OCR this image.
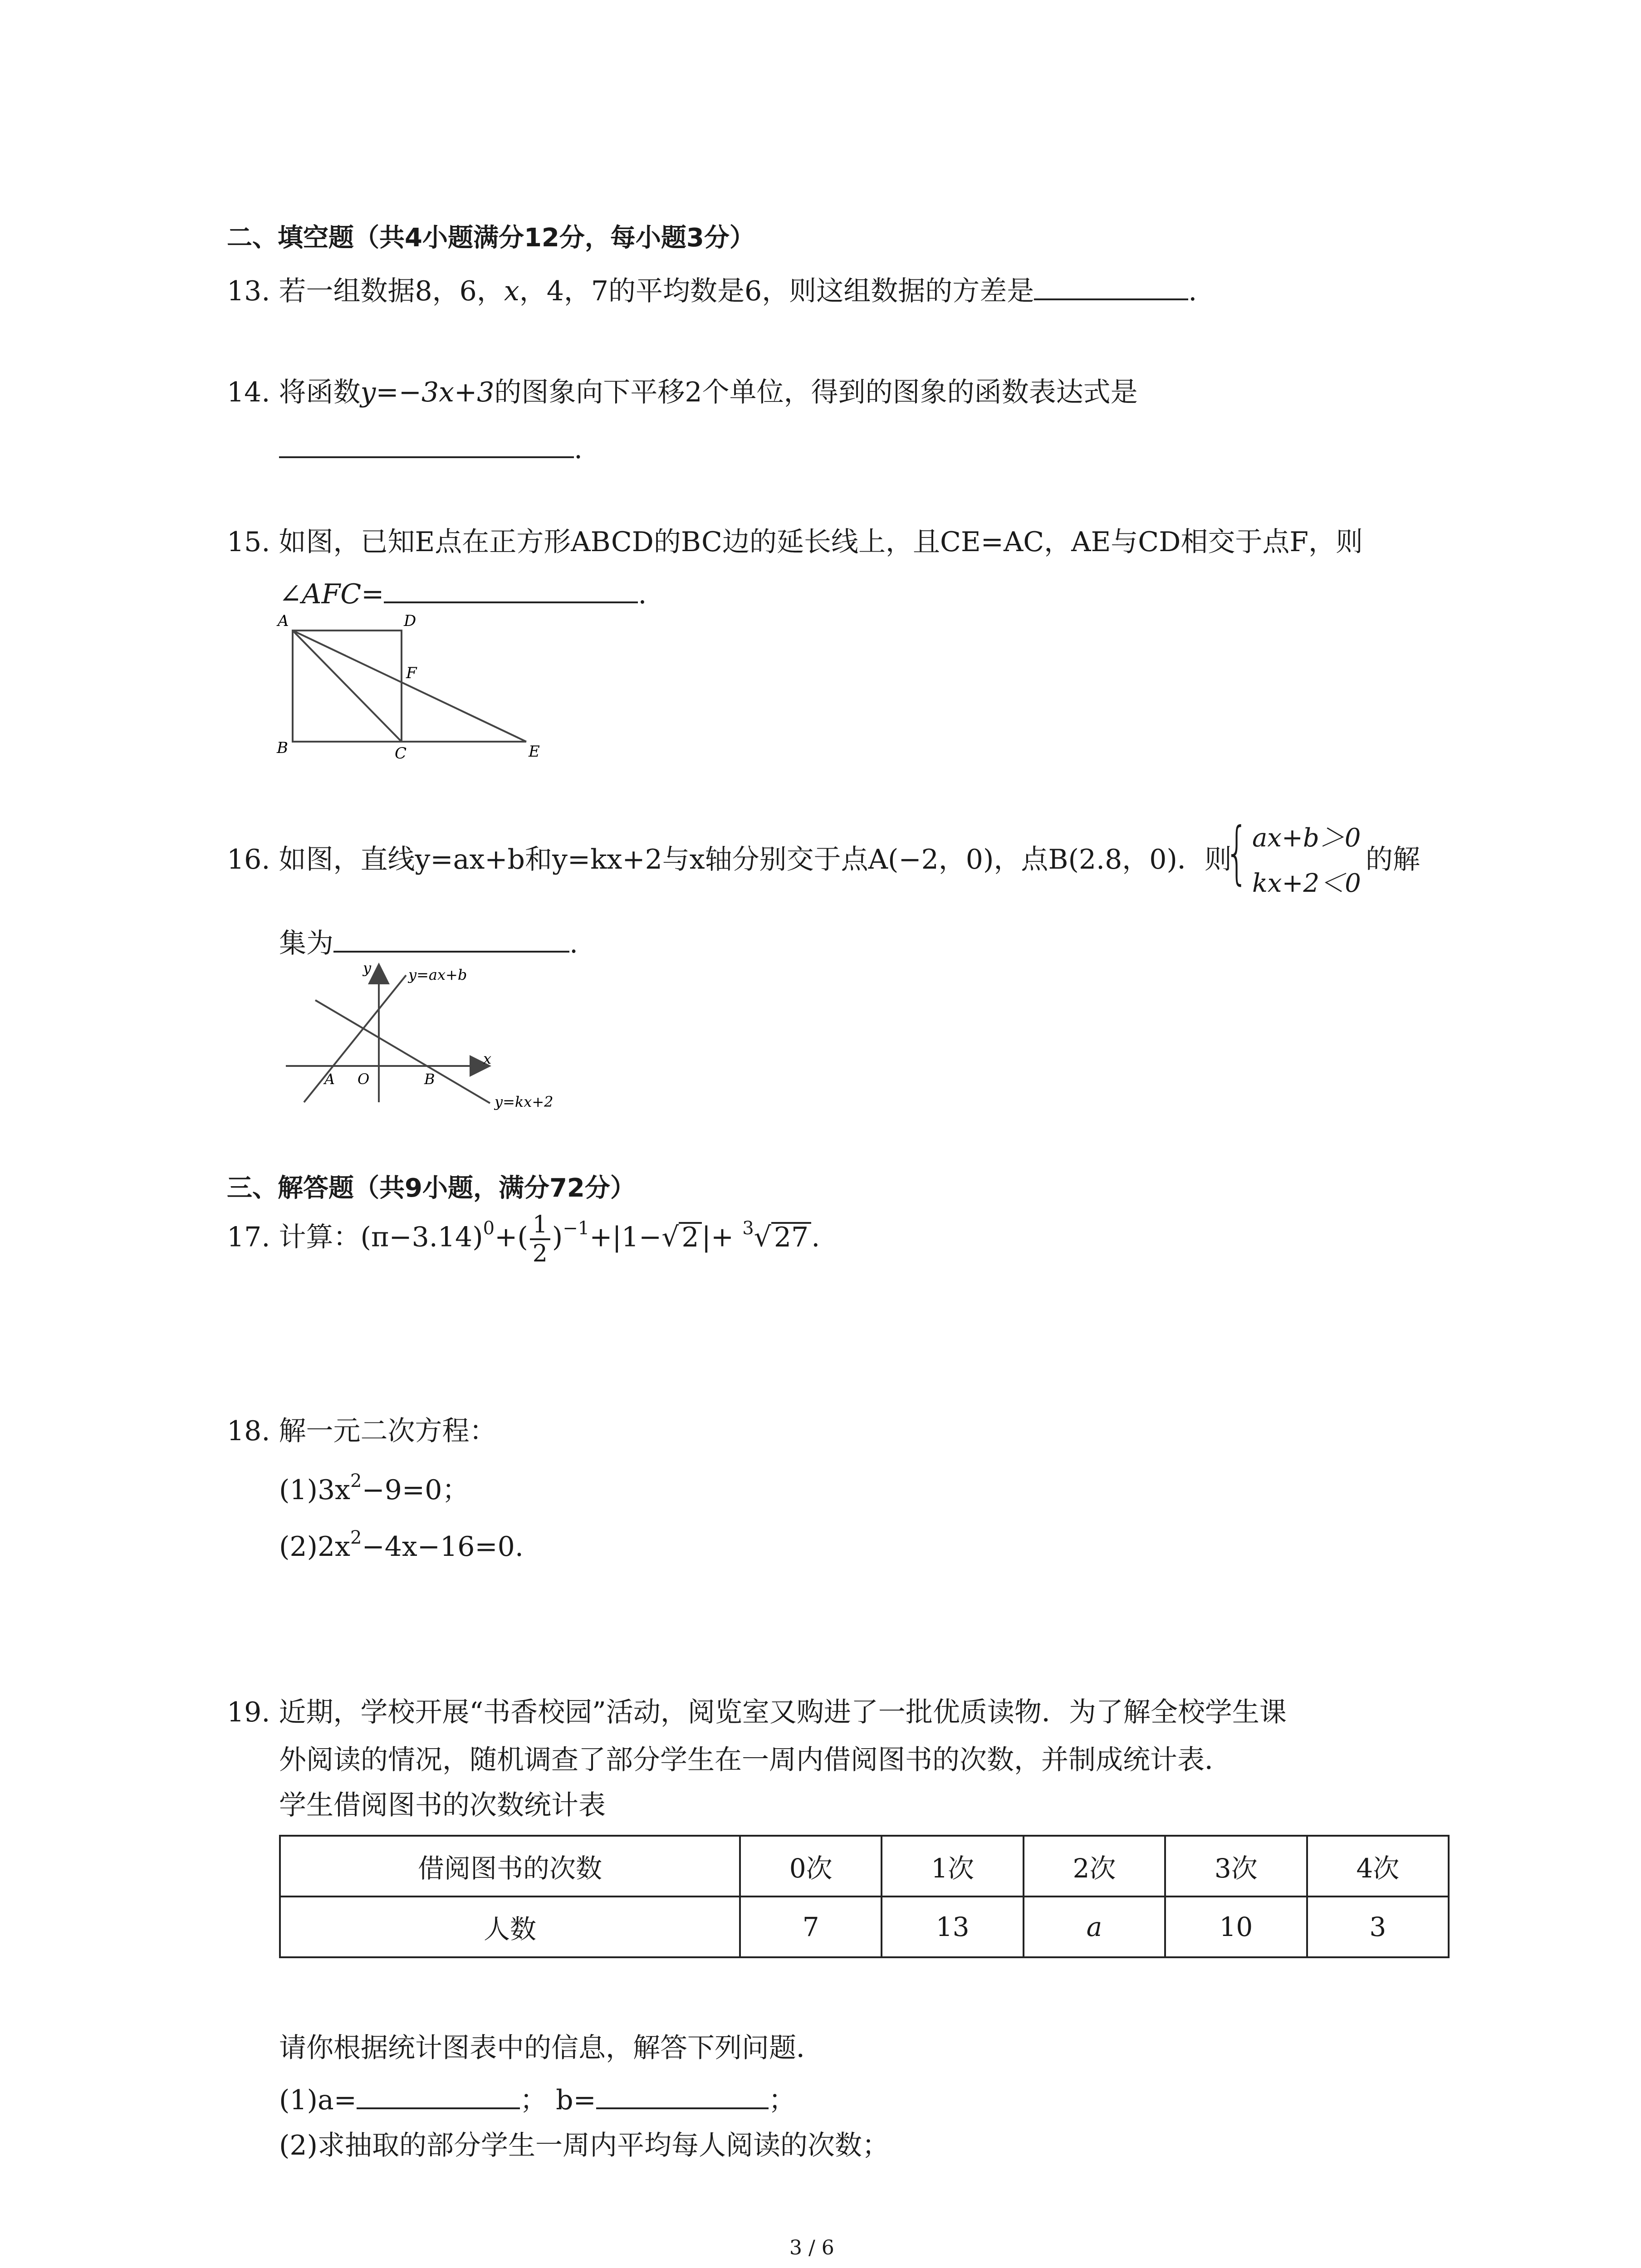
二、填空题（共4小题满分12分，每小题3分）
13. 若一组数据8，6，x，4，7的平均数是6，则这组数据的方差是	.
14. 将函数y=−3x+3的图象向下平移2个单位，得到的图象的函数表达式是
.
15. 如图，已知E点在正方形ABCD的BC边的延长线上，且CE=AC，AE与CD相交于点F，则
∠AFC=	.
A	D
F
B	C	E
16. 如图，直线y=ax+b和y=kx+2与x轴分别交于点A(−2，0)，点B(2.8，0)．则
{ ax+b＞0
kx+2＜0
的解
集为	.
y
x
y=ax+b
A O	B
y=kx+2
三、解答题（共9小题，满分72分）
17. 计算：$(\pi-3.14)^0+( \frac{1}{2} )^{-1}+|1-√$ 2 |+ $^3$√ 27 .
18. 解一元二次方程：
$(1)3x^2-9=0$；
$(2)2x^2-4x-16=0$.
19. 近期，学校开展“书香校园”活动，阅览室又购进了一批优质读物．为了解全校学生课
外阅读的情况，随机调查了部分学生在一周内借阅图书的次数，并制成统计表．
学生借阅图书的次数统计表
借阅图书的次数	0次	1次	2次	3次	4次
人数	7	13	a	10	3
请你根据统计图表中的信息，解答下列问题．
(1)a=	； b=	；
(2)求抽取的部分学生一周内平均每人阅读的次数；
3 / 6
